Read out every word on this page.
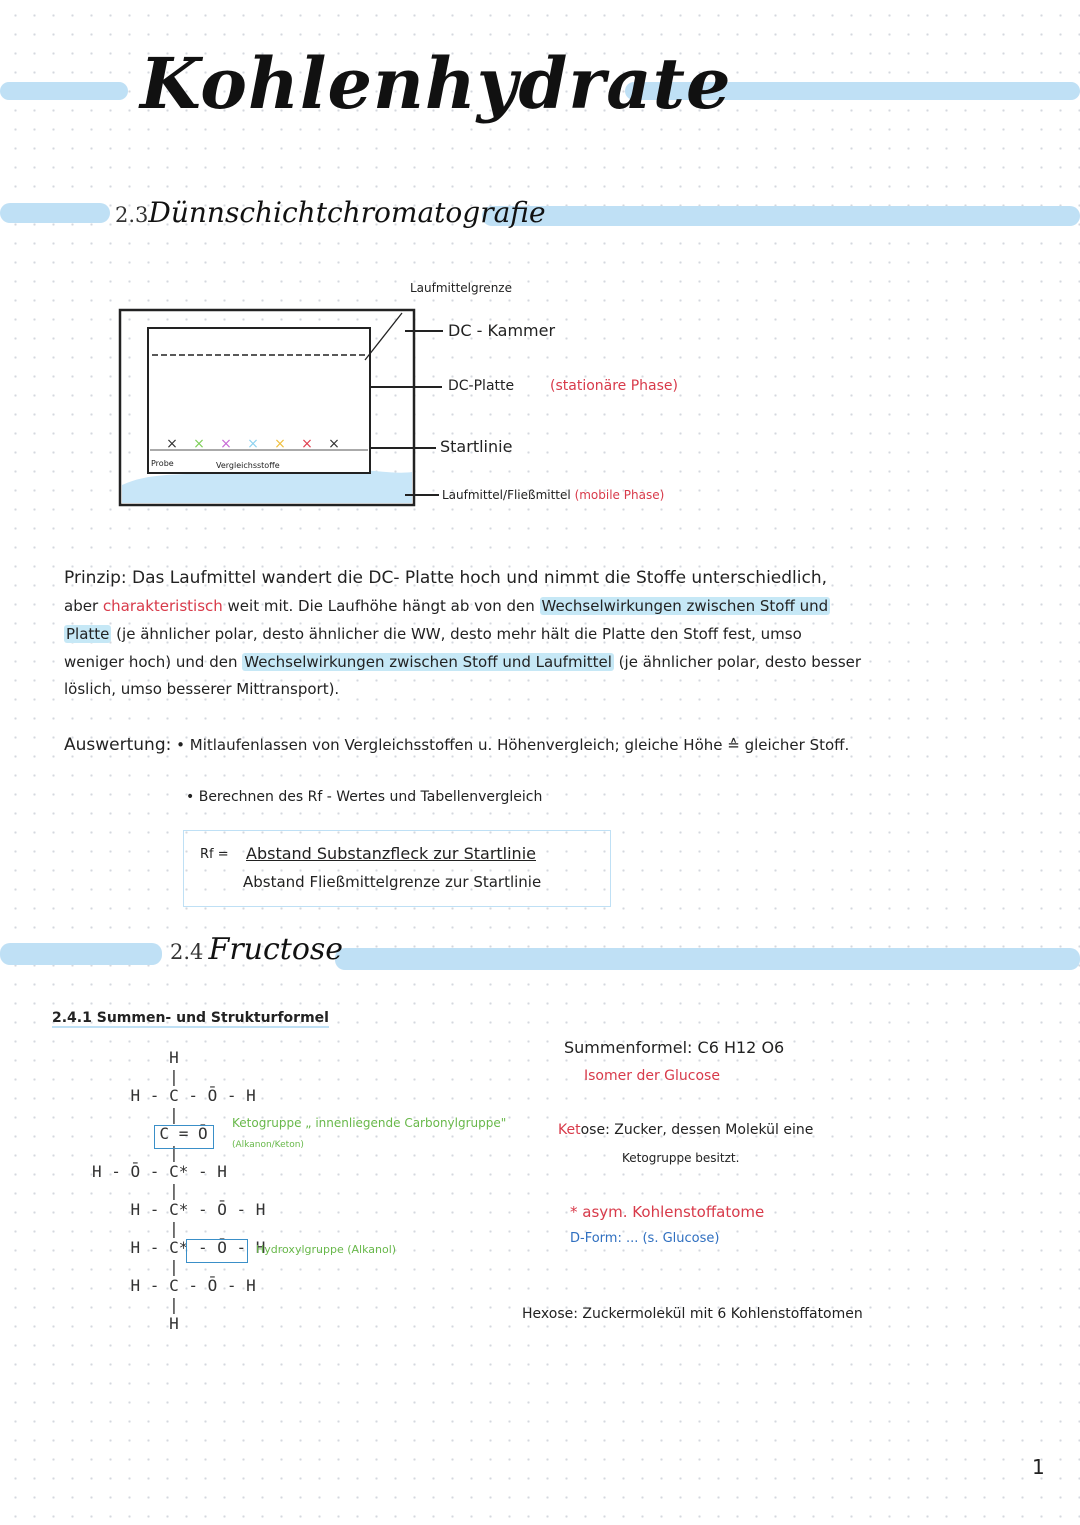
Kohlenhydrate
2.3Dünnschichtchromatografie
× × × × × × ×
Probe	Vergleichsstoffe
Laufmittelgrenze
DC - Kammer
DC-Platte	(stationäre Phase)
Startlinie
Laufmittel/Fließmittel (mobile Phase)
Prinzip: Das Laufmittel wandert die DC- Platte hoch und nimmt die Stoffe unterschiedlich,
aber charakteristisch weit mit. Die Laufhöhe hängt ab von den Wechselwirkungen zwischen Stoff und
Platte (je ähnlicher polar, desto ähnlicher die WW, desto mehr hält die Platte den Stoff fest, umso
weniger hoch) und den Wechselwirkungen zwischen Stoff und Laufmittel (je ähnlicher polar, desto besser
löslich, umso besserer Mittransport).
Auswertung: • Mitlaufenlassen von Vergleichsstoffen u. Höhenvergleich; gleiche Höhe ≙ gleicher Stoff.
• Berechnen des Rf - Wertes und Tabellenvergleich
Rf = Abstand Substanzfleck zur Startlinie
Abstand Fließmittelgrenze zur Startlinie
2.4 Fructose
2.4.1 Summen- und Strukturformel
H
|
H - C - Ō - H
|
C = Ō
|
H - Ō - C* - H
|
H - C* - Ō - H
|
H - C* - Ō - H
|
H - C - Ō - H
|
H
Ketogruppe „ innenliegende Carbonylgruppe"
(Alkanon/Keton)
Hydroxylgruppe (Alkanol)
Summenformel: C6 H12 O6
Isomer der Glucose
Ketose: Zucker, dessen Molekül eine
Ketogruppe besitzt.
* asym. Kohlenstoffatome
D-Form: ... (s. Glucose)
Hexose: Zuckermolekül mit 6 Kohlenstoffatomen
1
